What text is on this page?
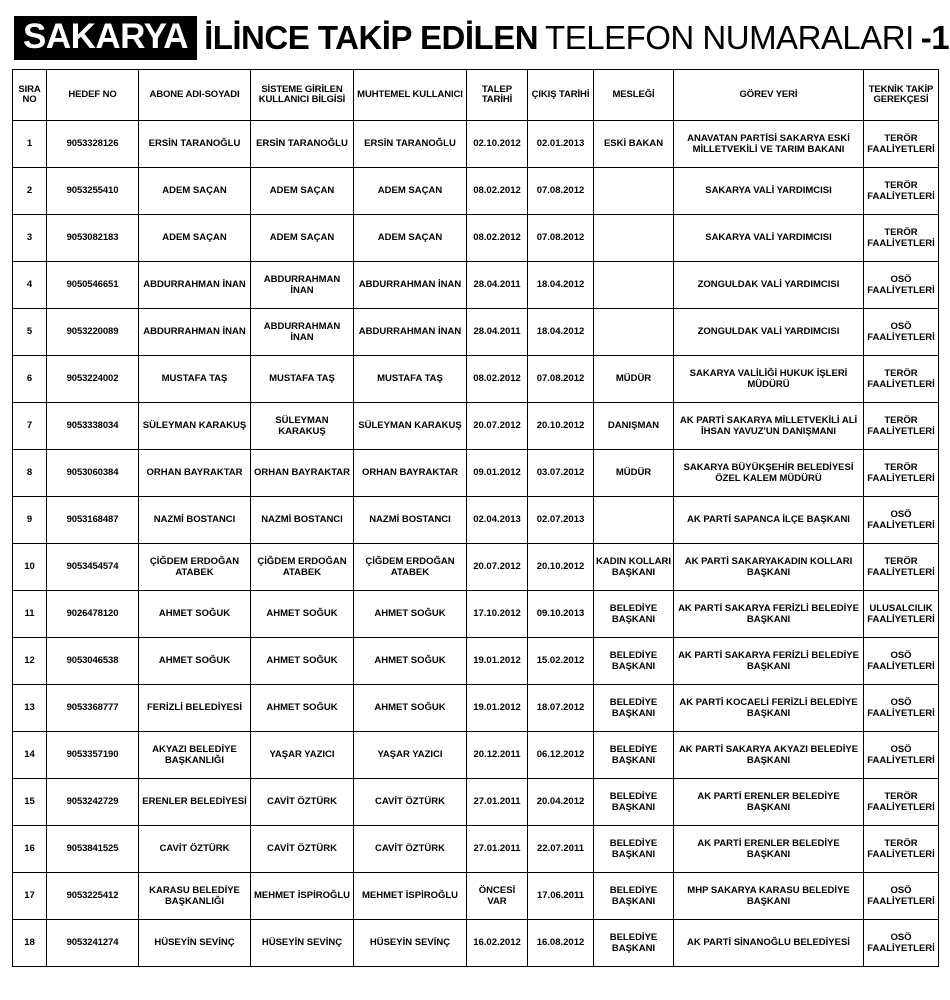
SAKARYA İLİNCE TAKİP EDİLEN TELEFON NUMARALARI -1
SIRA NO	HEDEF NO	ABONE ADI-SOYADI	SİSTEME GİRİLEN KULLANICI BİLGİSİ	MUHTEMEL KULLANICI	TALEP TARİHİ	ÇIKIŞ TARİHİ	MESLEĞİ	GÖREV YERİ	TEKNİK TAKİP GEREKÇESİ
1	9053328126	ERSİN TARANOĞLU	ERSİN TARANOĞLU	ERSİN TARANOĞLU	02.10.2012	02.01.2013	ESKİ BAKAN	ANAVATAN PARTİSİ SAKARYA ESKİ MİLLETVEKİLİ VE TARIM BAKANI	TERÖR FAALİYETLERİ
2	9053255410	ADEM SAÇAN	ADEM SAÇAN	ADEM SAÇAN	08.02.2012	07.08.2012		SAKARYA VALİ YARDIMCISI	TERÖR FAALİYETLERİ
3	9053082183	ADEM SAÇAN	ADEM SAÇAN	ADEM SAÇAN	08.02.2012	07.08.2012		SAKARYA VALİ YARDIMCISI	TERÖR FAALİYETLERİ
4	9050546651	ABDURRAHMAN İNAN	ABDURRAHMAN İNAN	ABDURRAHMAN İNAN	28.04.2011	18.04.2012		ZONGULDAK VALİ YARDIMCISI	OSÖ FAALİYETLERİ
5	9053220089	ABDURRAHMAN İNAN	ABDURRAHMAN İNAN	ABDURRAHMAN İNAN	28.04.2011	18.04.2012		ZONGULDAK VALİ YARDIMCISI	OSÖ FAALİYETLERİ
6	9053224002	MUSTAFA TAŞ	MUSTAFA TAŞ	MUSTAFA TAŞ	08.02.2012	07.08.2012	MÜDÜR	SAKARYA VALİLİĞİ HUKUK İŞLERİ MÜDÜRÜ	TERÖR FAALİYETLERİ
7	9053338034	SÜLEYMAN KARAKUŞ	SÜLEYMAN KARAKUŞ	SÜLEYMAN KARAKUŞ	20.07.2012	20.10.2012	DANIŞMAN	AK PARTİ SAKARYA MİLLETVEKİLİ ALİ İHSAN YAVUZ'UN DANIŞMANI	TERÖR FAALİYETLERİ
8	9053060384	ORHAN BAYRAKTAR	ORHAN BAYRAKTAR	ORHAN BAYRAKTAR	09.01.2012	03.07.2012	MÜDÜR	SAKARYA BÜYÜKŞEHİR BELEDİYESİ ÖZEL KALEM MÜDÜRÜ	TERÖR FAALİYETLERİ
9	9053168487	NAZMİ BOSTANCI	NAZMİ BOSTANCI	NAZMİ BOSTANCI	02.04.2013	02.07.2013		AK PARTİ SAPANCA İLÇE BAŞKANI	OSÖ FAALİYETLERİ
10	9053454574	ÇİĞDEM ERDOĞAN ATABEK	ÇİĞDEM ERDOĞAN ATABEK	ÇİĞDEM ERDOĞAN ATABEK	20.07.2012	20.10.2012	KADIN KOLLARI BAŞKANI	AK PARTİ SAKARYAKADIN KOLLARI BAŞKANI	TERÖR FAALİYETLERİ
11	9026478120	AHMET SOĞUK	AHMET SOĞUK	AHMET SOĞUK	17.10.2012	09.10.2013	BELEDİYE BAŞKANI	AK PARTİ SAKARYA FERİZLİ BELEDİYE BAŞKANI	ULUSALCILIK FAALİYETLERİ
12	9053046538	AHMET SOĞUK	AHMET SOĞUK	AHMET SOĞUK	19.01.2012	15.02.2012	BELEDİYE BAŞKANI	AK PARTİ SAKARYA FERİZLİ BELEDİYE BAŞKANI	OSÖ FAALİYETLERİ
13	9053368777	FERİZLİ BELEDİYESİ	AHMET SOĞUK	AHMET SOĞUK	19.01.2012	18.07.2012	BELEDİYE BAŞKANI	AK PARTİ KOCAELİ FERİZLİ BELEDİYE BAŞKANI	OSÖ FAALİYETLERİ
14	9053357190	AKYAZI BELEDİYE BAŞKANLIĞI	YAŞAR YAZICI	YAŞAR YAZICI	20.12.2011	06.12.2012	BELEDİYE BAŞKANI	AK PARTİ SAKARYA AKYAZI BELEDİYE BAŞKANI	OSÖ FAALİYETLERİ
15	9053242729	ERENLER BELEDİYESİ	CAVİT ÖZTÜRK	CAVİT ÖZTÜRK	27.01.2011	20.04.2012	BELEDİYE BAŞKANI	AK PARTİ ERENLER BELEDİYE BAŞKANI	TERÖR FAALİYETLERİ
16	9053841525	CAVİT ÖZTÜRK	CAVİT ÖZTÜRK	CAVİT ÖZTÜRK	27.01.2011	22.07.2011	BELEDİYE BAŞKANI	AK PARTİ ERENLER BELEDİYE BAŞKANI	TERÖR FAALİYETLERİ
17	9053225412	KARASU BELEDİYE BAŞKANLIĞI	MEHMET İSPİROĞLU	MEHMET İSPİROĞLU	ÖNCESİ VAR	17.06.2011	BELEDİYE BAŞKANI	MHP SAKARYA KARASU BELEDİYE BAŞKANI	OSÖ FAALİYETLERİ
18	9053241274	HÜSEYİN SEVİNÇ	HÜSEYİN SEVİNÇ	HÜSEYİN SEVİNÇ	16.02.2012	16.08.2012	BELEDİYE BAŞKANI	AK PARTİ SİNANOĞLU BELEDİYESİ	OSÖ FAALİYETLERİ
